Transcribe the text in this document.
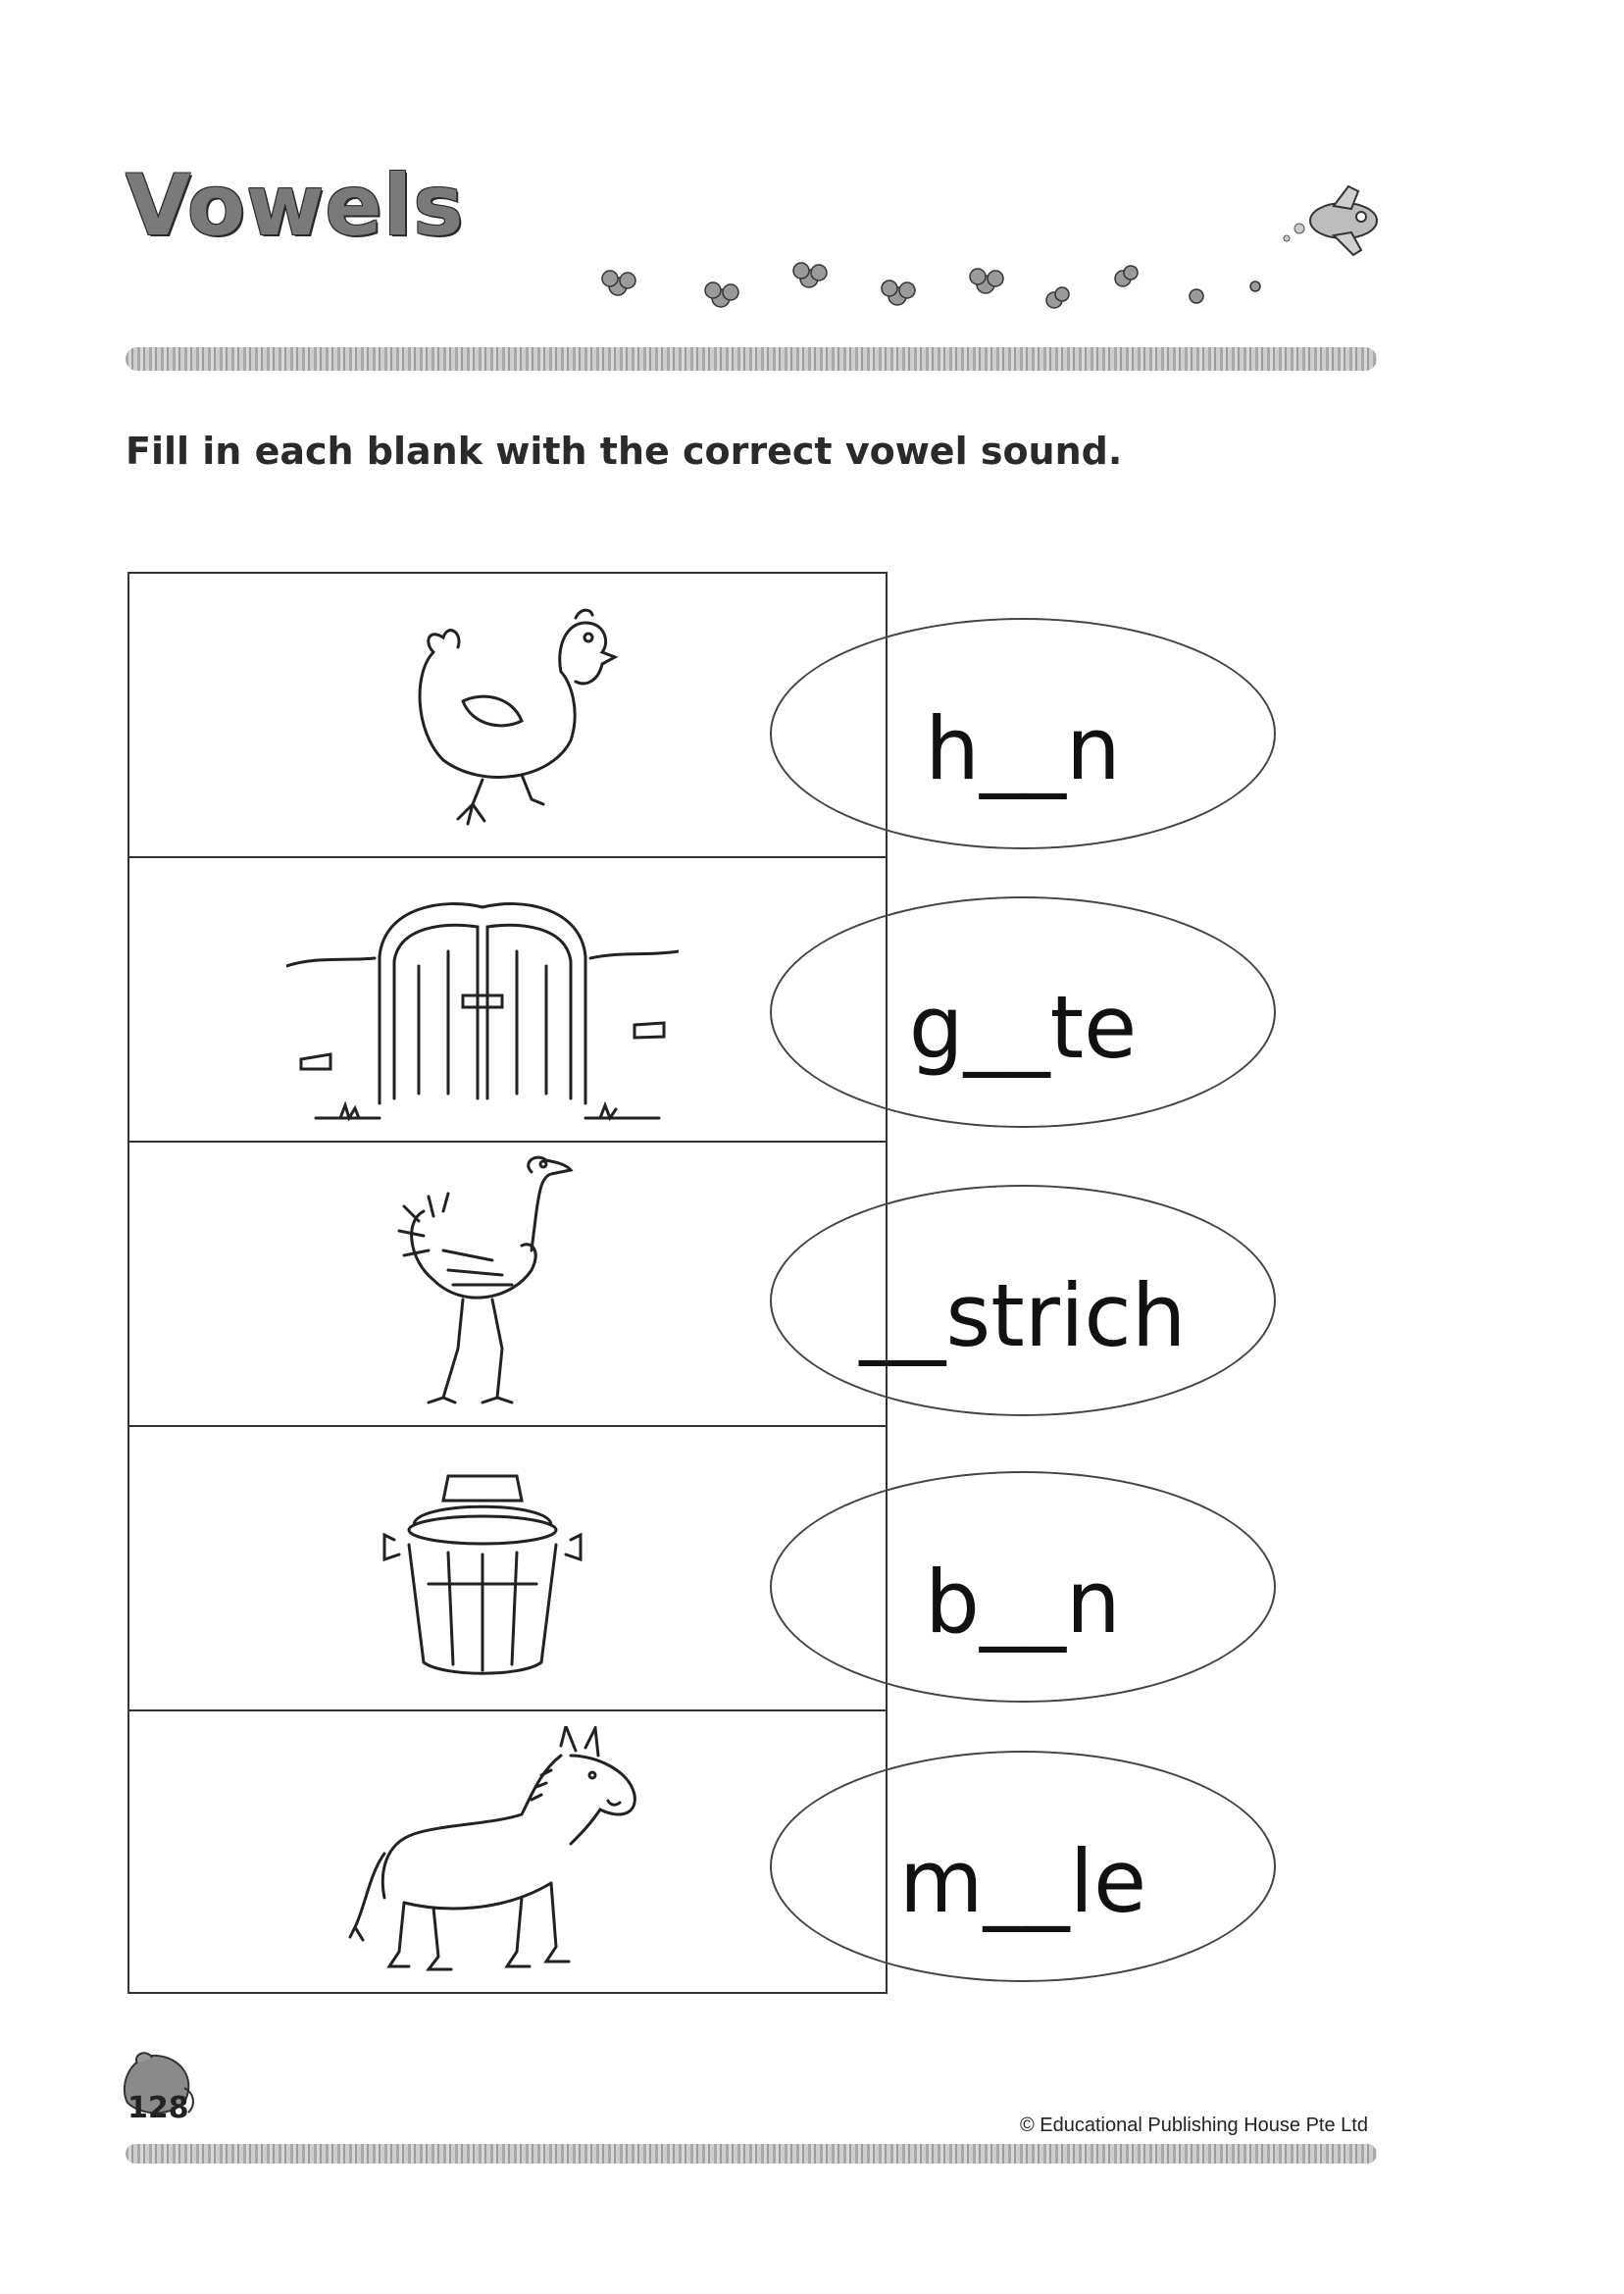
Vowels
Fill in each blank with the correct vowel sound.
h__n
g__te
__strich
b__n
m__le
128	© Educational Publishing House Pte Ltd
